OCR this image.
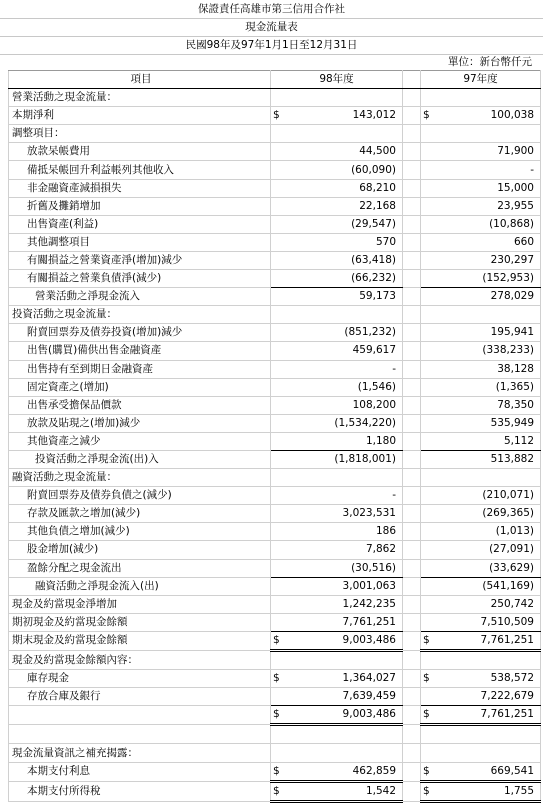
保證責任高雄市第三信用合作社
現金流量表
民國98年及97年1月1日至12月31日
單位：新台幣仟元
項目	98年度			97年度	
營業活動之現金流量：					
本期淨利	$	143,012		$	100,038
調整項目：					
放款呆帳費用		44,500			71,900
備抵呆帳回升利益帳列其他收入		(60,090)			-
非金融資產減損損失		68,210			15,000
折舊及攤銷增加		22,168			23,955
出售資產(利益)		(29,547)			(10,868)
其他調整項目		570			660
有關損益之營業資產淨(增加)減少		(63,418)			230,297
有關損益之營業負債淨(減少)		(66,232)			(152,953)
營業活動之淨現金流入		59,173			278,029
投資活動之現金流量：					
附賣回票券及債券投資(增加)減少		(851,232)			195,941
出售(購買)備供出售金融資產		459,617			(338,233)
出售持有至到期日金融資產		-			38,128
固定資產之(增加)		(1,546)			(1,365)
出售承受擔保品價款		108,200			78,350
放款及貼現之(增加)減少		(1,534,220)			535,949
其他資產之減少		1,180			5,112
投資活動之淨現金流(出)入		(1,818,001)			513,882
融資活動之現金流量：					
附賣回票券及債券負債之(減少)		-			(210,071)
存款及匯款之增加(減少)		3,023,531			(269,365)
其他負債之增加(減少)		186			(1,013)
股金增加(減少)		7,862			(27,091)
盈餘分配之現金流出		(30,516)			(33,629)
融資活動之淨現金流入(出)		3,001,063			(541,169)
現金及約當現金淨增加		1,242,235			250,742
期初現金及約當現金餘額		7,761,251			7,510,509
期末現金及約當現金餘額	$	9,003,486		$	7,761,251
現金及約當現金餘額內容：					
庫存現金	$	1,364,027		$	538,572
存放合庫及銀行		7,639,459			7,222,679
	$	9,003,486		$	7,761,251

現金流量資訊之補充揭露：					
本期支付利息	$	462,859		$	669,541
本期支付所得稅	$	1,542		$	1,755
